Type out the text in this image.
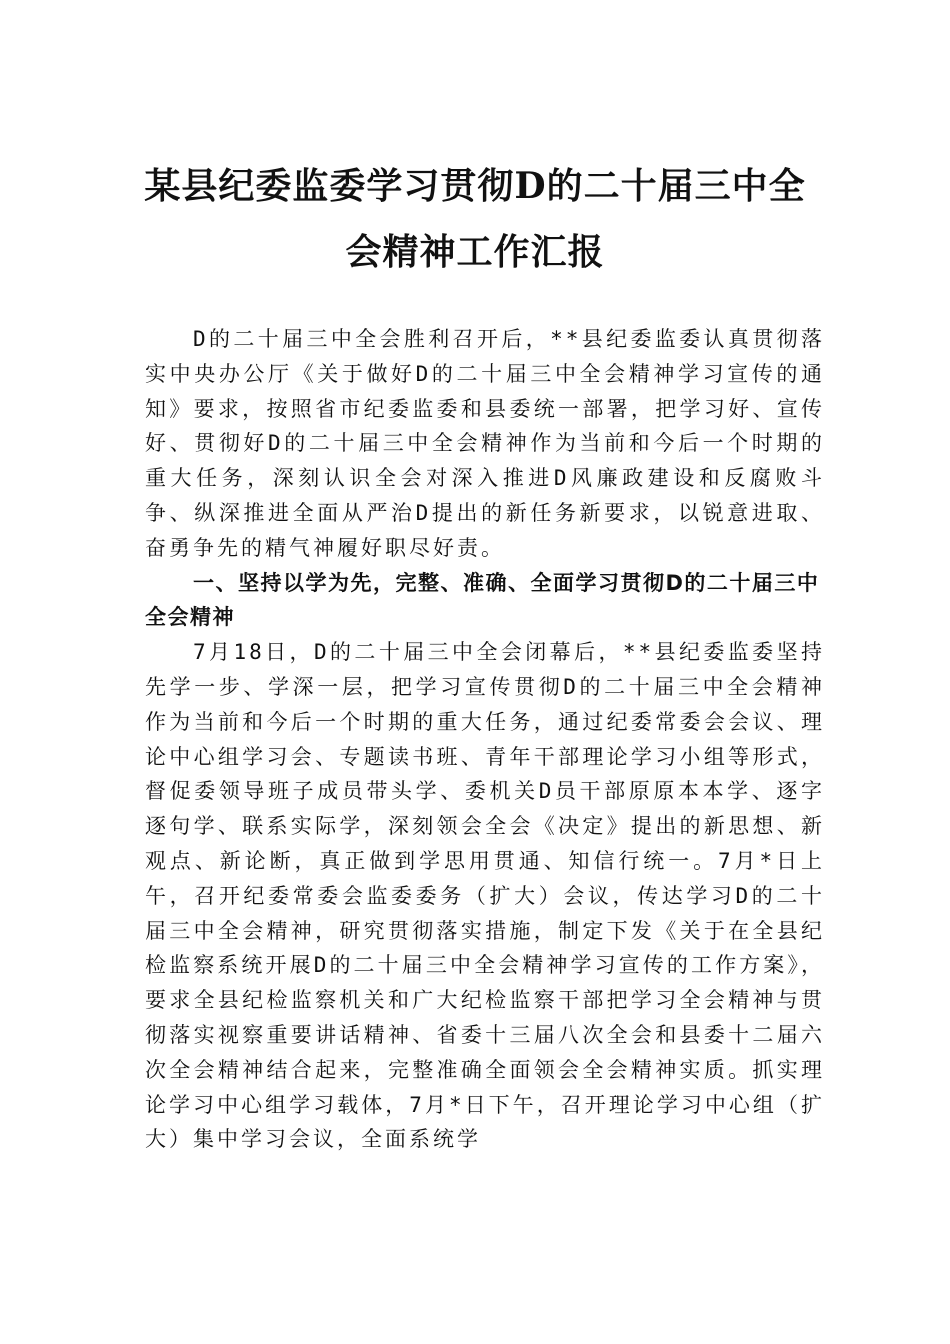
某县纪委监委学习贯彻D的二十届三中全
会精神工作汇报

D的二十届三中全会胜利召开后，**县纪委监委认真贯彻落实中央办公厅《关于做好D的二十届三中全会精神学习宣传的通知》要求，按照省市纪委监委和县委统一部署，把学习好、宣传好、贯彻好D的二十届三中全会精神作为当前和今后一个时期的重大任务，深刻认识全会对深入推进D风廉政建设和反腐败斗争、纵深推进全面从严治D提出的新任务新要求，以锐意进取、奋勇争先的精气神履好职尽好责。

一、坚持以学为先，完整、准确、全面学习贯彻D的二十届三中全会精神

7月18日，D的二十届三中全会闭幕后，**县纪委监委坚持先学一步、学深一层，把学习宣传贯彻D的二十届三中全会精神作为当前和今后一个时期的重大任务，通过纪委常委会会议、理论中心组学习会、专题读书班、青年干部理论学习小组等形式，督促委领导班子成员带头学、委机关D员干部原原本本学、逐字逐句学、联系实际学，深刻领会全会《决定》提出的新思想、新观点、新论断，真正做到学思用贯通、知信行统一。7月*日上午，召开纪委常委会监委委务（扩大）会议，传达学习D的二十届三中全会精神，研究贯彻落实措施，制定下发《关于在全县纪检监察系统开展D的二十届三中全会精神学习宣传的工作方案》，要求全县纪检监察机关和广大纪检监察干部把学习全会精神与贯彻落实视察重要讲话精神、省委十三届八次全会和县委十二届六次全会精神结合起来，完整准确全面领会全会精神实质。抓实理论学习中心组学习载体，7月*日下午，召开理论学习中心组（扩大）集中学习会议，全面系统学
